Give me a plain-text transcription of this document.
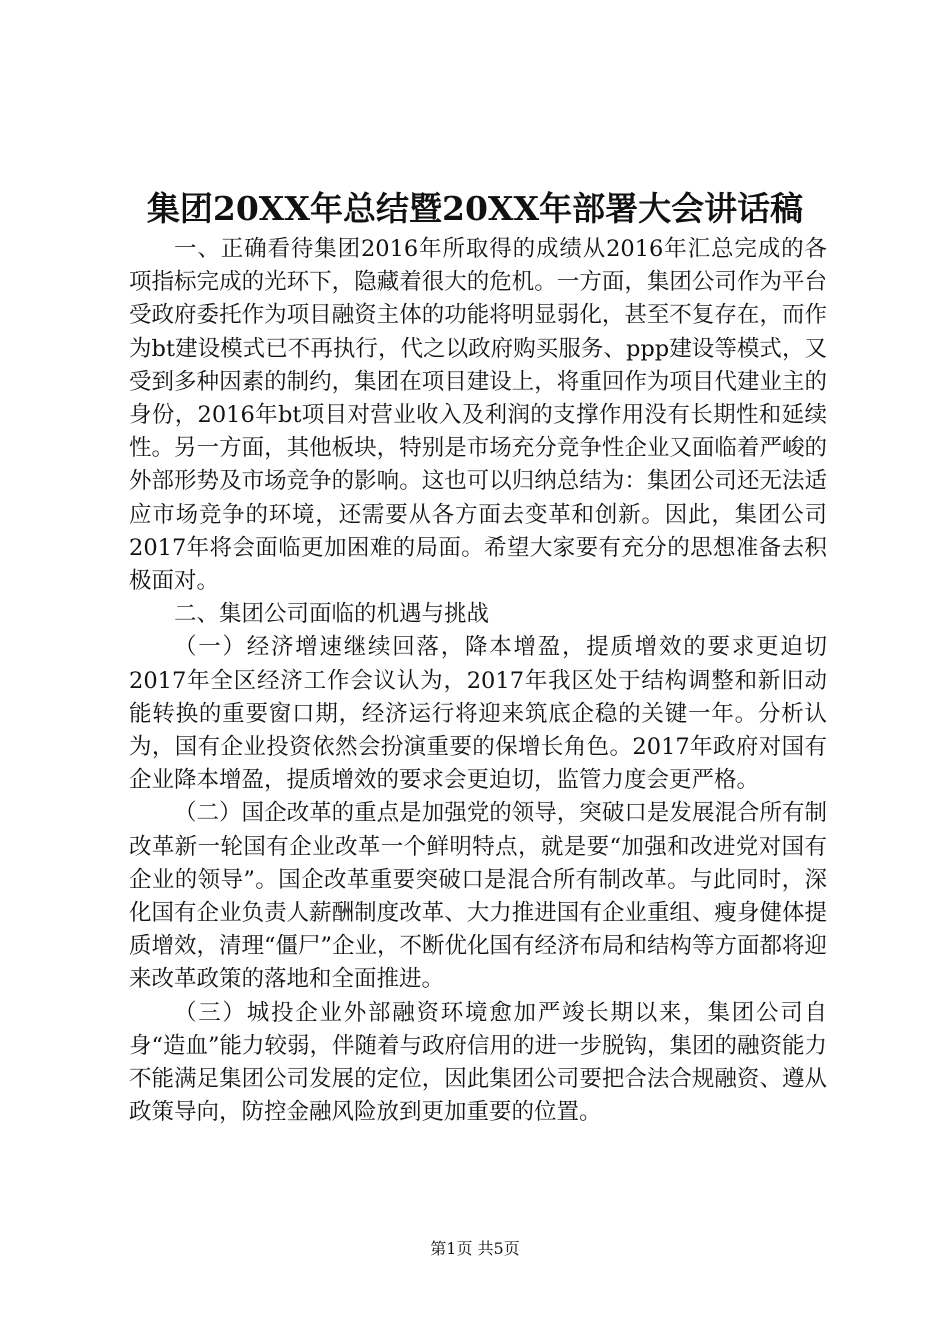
集团20XX年总结暨20XX年部署大会讲话稿

一、正确看待集团2016年所取得的成绩从2016年汇总完成的各项指标完成的光环下，隐藏着很大的危机。一方面，集团公司作为平台受政府委托作为项目融资主体的功能将明显弱化，甚至不复存在，而作为bt建设模式已不再执行，代之以政府购买服务、ppp建设等模式，又受到多种因素的制约，集团在项目建设上，将重回作为项目代建业主的身份，2016年bt项目对营业收入及利润的支撑作用没有长期性和延续性。另一方面，其他板块，特别是市场充分竞争性企业又面临着严峻的外部形势及市场竞争的影响。这也可以归纳总结为：集团公司还无法适应市场竞争的环境，还需要从各方面去变革和创新。因此，集团公司2017年将会面临更加困难的局面。希望大家要有充分的思想准备去积极面对。

二、集团公司面临的机遇与挑战

（一）经济增速继续回落，降本增盈，提质增效的要求更迫切2017年全区经济工作会议认为，2017年我区处于结构调整和新旧动能转换的重要窗口期，经济运行将迎来筑底企稳的关键一年。分析认为，国有企业投资依然会扮演重要的保增长角色。2017年政府对国有企业降本增盈，提质增效的要求会更迫切，监管力度会更严格。

（二）国企改革的重点是加强党的领导，突破口是发展混合所有制改革新一轮国有企业改革一个鲜明特点，就是要“加强和改进党对国有企业的领导”。国企改革重要突破口是混合所有制改革。与此同时，深化国有企业负责人薪酬制度改革、大力推进国有企业重组、瘦身健体提质增效，清理“僵尸”企业，不断优化国有经济布局和结构等方面都将迎来改革政策的落地和全面推进。

（三）城投企业外部融资环境愈加严竣长期以来，集团公司自身“造血”能力较弱，伴随着与政府信用的进一步脱钩，集团的融资能力不能满足集团公司发展的定位，因此集团公司要把合法合规融资、遵从政策导向，防控金融风险放到更加重要的位置。

第1页 共5页
